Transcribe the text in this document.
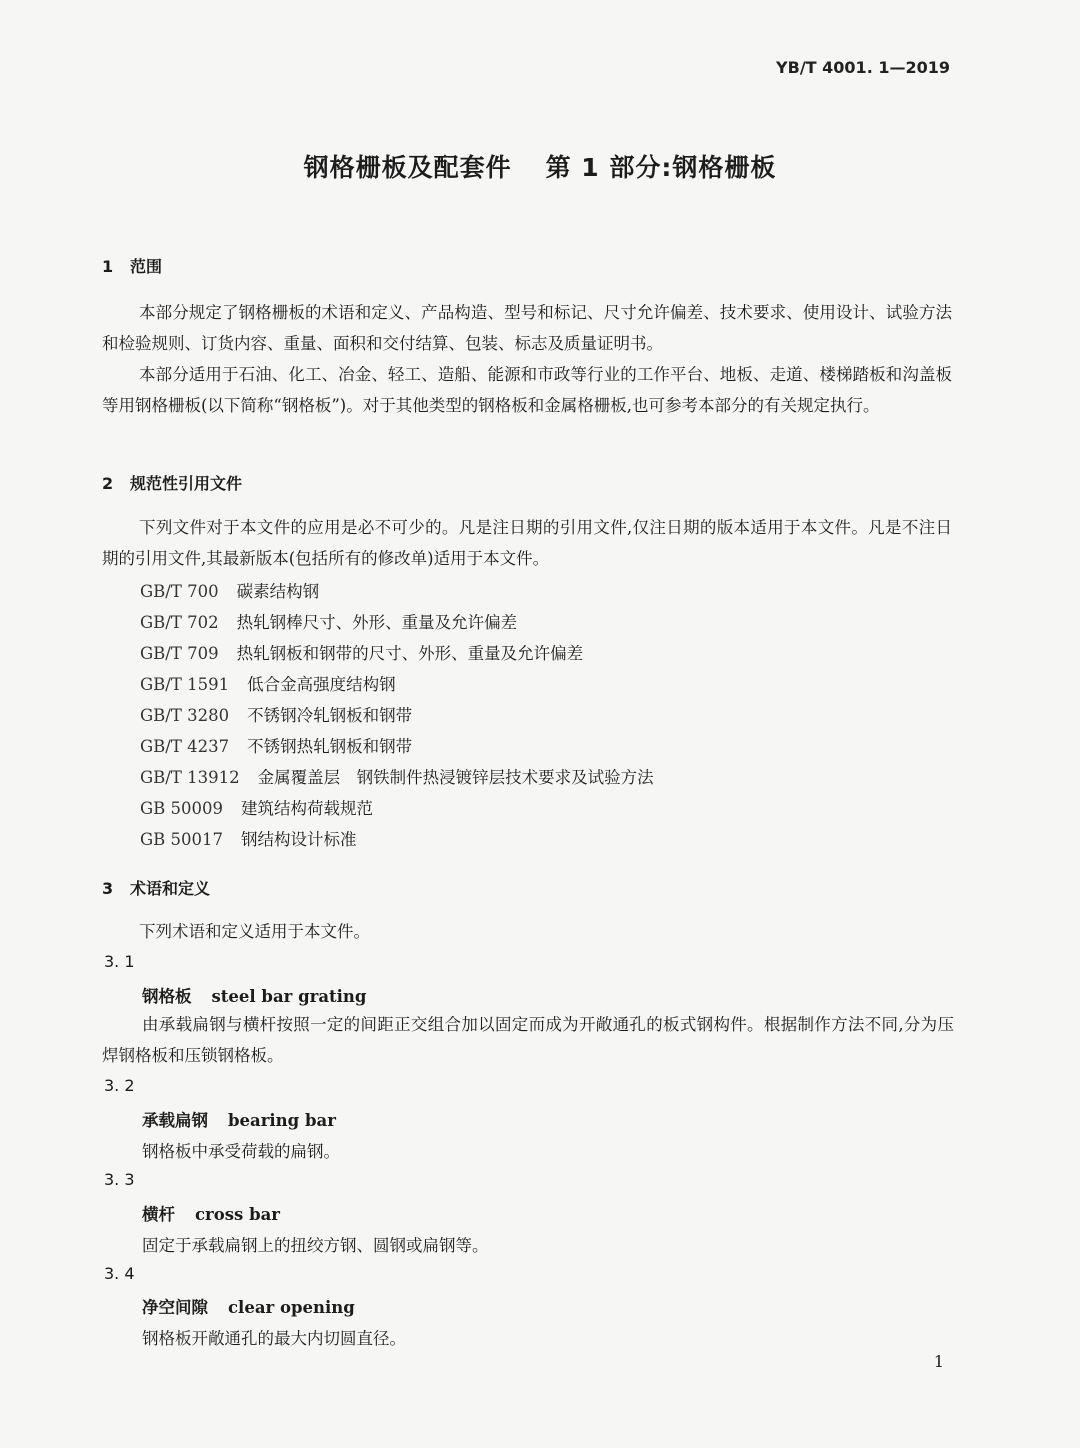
YB/T 4001. 1—2019
钢格栅板及配套件 第 1 部分:钢格栅板
1 范围
本部分规定了钢格栅板的术语和定义、产品构造、型号和标记、尺寸允许偏差、技术要求、使用设计、试验方法和检验规则、订货内容、重量、面积和交付结算、包装、标志及质量证明书。
本部分适用于石油、化工、冶金、轻工、造船、能源和市政等行业的工作平台、地板、走道、楼梯踏板和沟盖板等用钢格栅板(以下简称“钢格板”)。对于其他类型的钢格板和金属格栅板,也可参考本部分的有关规定执行。
2 规范性引用文件
下列文件对于本文件的应用是必不可少的。凡是注日期的引用文件,仅注日期的版本适用于本文件。凡是不注日期的引用文件,其最新版本(包括所有的修改单)适用于本文件。
GB/T 700 碳素结构钢
GB/T 702 热轧钢棒尺寸、外形、重量及允许偏差
GB/T 709 热轧钢板和钢带的尺寸、外形、重量及允许偏差
GB/T 1591 低合金高强度结构钢
GB/T 3280 不锈钢冷轧钢板和钢带
GB/T 4237 不锈钢热轧钢板和钢带
GB/T 13912 金属覆盖层　钢铁制件热浸镀锌层技术要求及试验方法
GB 50009 建筑结构荷载规范
GB 50017 钢结构设计标准
3 术语和定义
下列术语和定义适用于本文件。
3. 1
钢格板 steel bar grating
由承载扁钢与横杆按照一定的间距正交组合加以固定而成为开敞通孔的板式钢构件。根据制作方法不同,分为压焊钢格板和压锁钢格板。
3. 2
承载扁钢 bearing bar
钢格板中承受荷载的扁钢。
3. 3
横杆 cross bar
固定于承载扁钢上的扭绞方钢、圆钢或扁钢等。
3. 4
净空间隙 clear opening
钢格板开敞通孔的最大内切圆直径。
1
